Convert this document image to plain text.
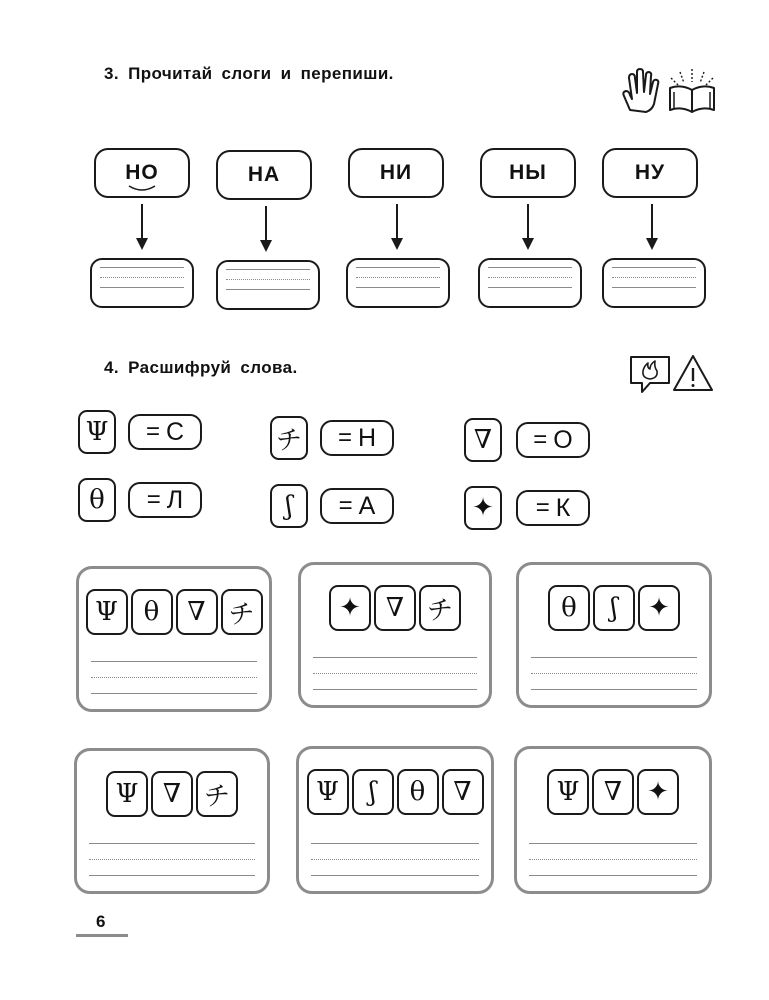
3. Прочитай слоги и перепиши.
НО	НА	НИ	НЫ	НУ
4. Расшифруй слова.
Ψ = С	チ = Н	∇ = О
θ = Л	ʃ = А	✦ = К
Ψ θ	∇ チ	✦ ∇ チ	θ	ʃ	✦
Ψ ∇ チ	Ψ	ʃ	θ	∇	Ψ ∇ ✦
6
